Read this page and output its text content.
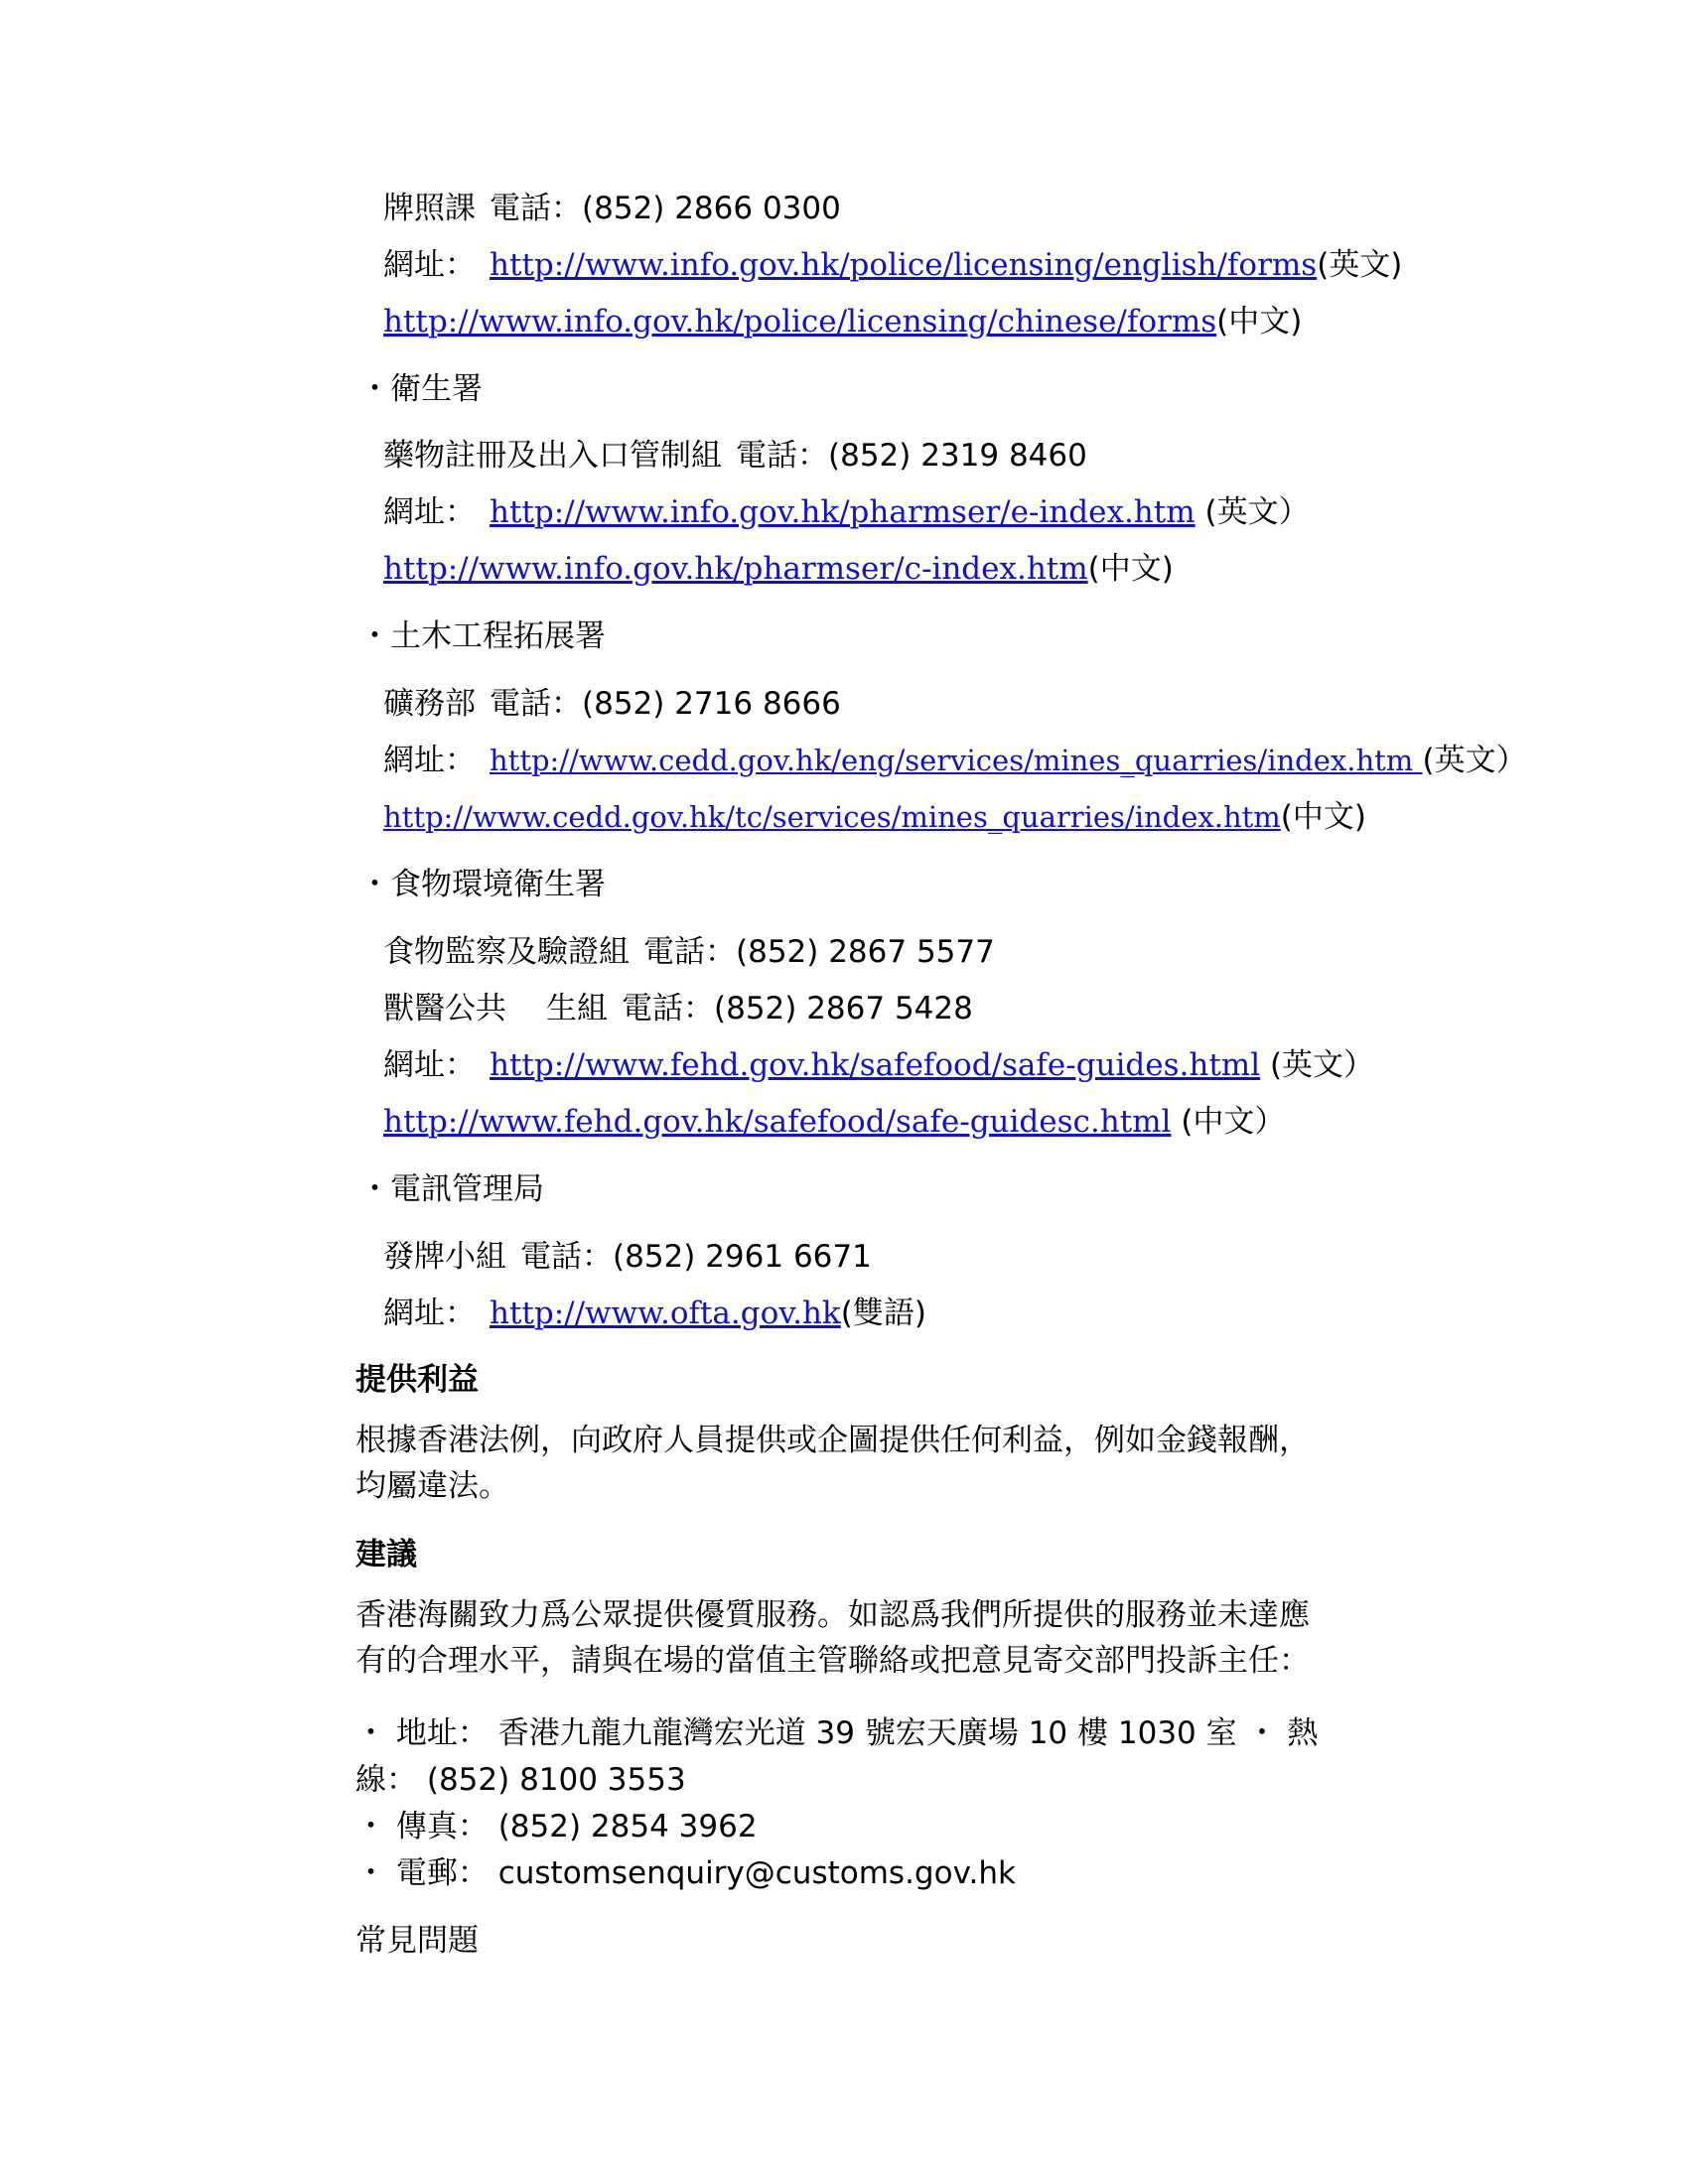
牌照課 電話：(852) 2866 0300
網址： http://www.info.gov.hk/police/licensing/english/forms(英文)
http://www.info.gov.hk/police/licensing/chinese/forms(中文)
・衛生署
藥物註冊及出入口管制組 電話：(852) 2319 8460
網址： http://www.info.gov.hk/pharmser/e-index.htm (英文）
http://www.info.gov.hk/pharmser/c-index.htm(中文)
・土木工程拓展署
礦務部 電話：(852) 2716 8666
網址： http://www.cedd.gov.hk/eng/services/mines_quarries/index.htm (英文）
http://www.cedd.gov.hk/tc/services/mines_quarries/index.htm(中文)
・食物環境衛生署
食物監察及驗證組 電話：(852) 2867 5577
獸醫公共 生組 電話：(852) 2867 5428
網址： http://www.fehd.gov.hk/safefood/safe-guides.html (英文）
http://www.fehd.gov.hk/safefood/safe-guidesc.html (中文）
・電訊管理局
發牌小組 電話：(852) 2961 6671
網址： http://www.ofta.gov.hk(雙語)
提供利益
根據香港法例，向政府人員提供或企圖提供任何利益，例如金錢報酬，均屬違法。
建議
香港海關致力爲公眾提供優質服務。如認爲我們所提供的服務並未達應有的合理水平，請與在場的當值主管聯絡或把意見寄交部門投訴主任：
・ 地址： 香港九龍九龍灣宏光道 39 號宏天廣場 10 樓 1030 室 ・ 熱
線： (852) 8100 3553
・ 傳真： (852) 2854 3962
・ 電郵： customsenquiry@customs.gov.hk
常見問題
